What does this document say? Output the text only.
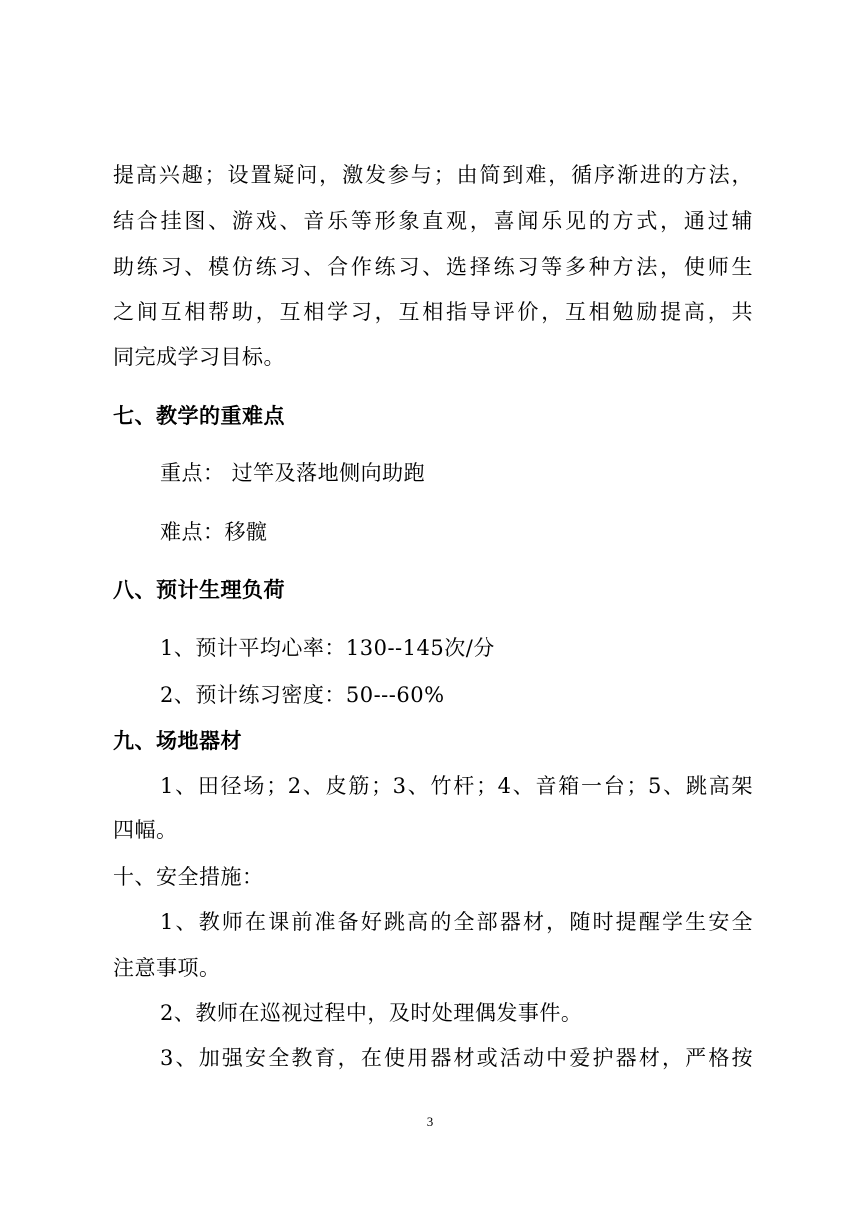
提高兴趣；设置疑问，激发参与；由简到难，循序渐进的方法，
结合挂图、游戏、音乐等形象直观，喜闻乐见的方式，通过辅
助练习、模仿练习、合作练习、选择练习等多种方法，使师生
之间互相帮助，互相学习，互相指导评价，互相勉励提高，共
同完成学习目标。
七、教学的重难点
重点： 过竿及落地侧向助跑
难点：移髋
八、预计生理负荷
1、预计平均心率：130--145次/分
2、预计练习密度：50---60%
九、场地器材
1、田径场；2、皮筋；3、竹杆；4、音箱一台；5、跳高架
四幅。
十、安全措施：
1、教师在课前准备好跳高的全部器材，随时提醒学生安全
注意事项。
2、教师在巡视过程中，及时处理偶发事件。
3、加强安全教育，在使用器材或活动中爱护器材，严格按
3
